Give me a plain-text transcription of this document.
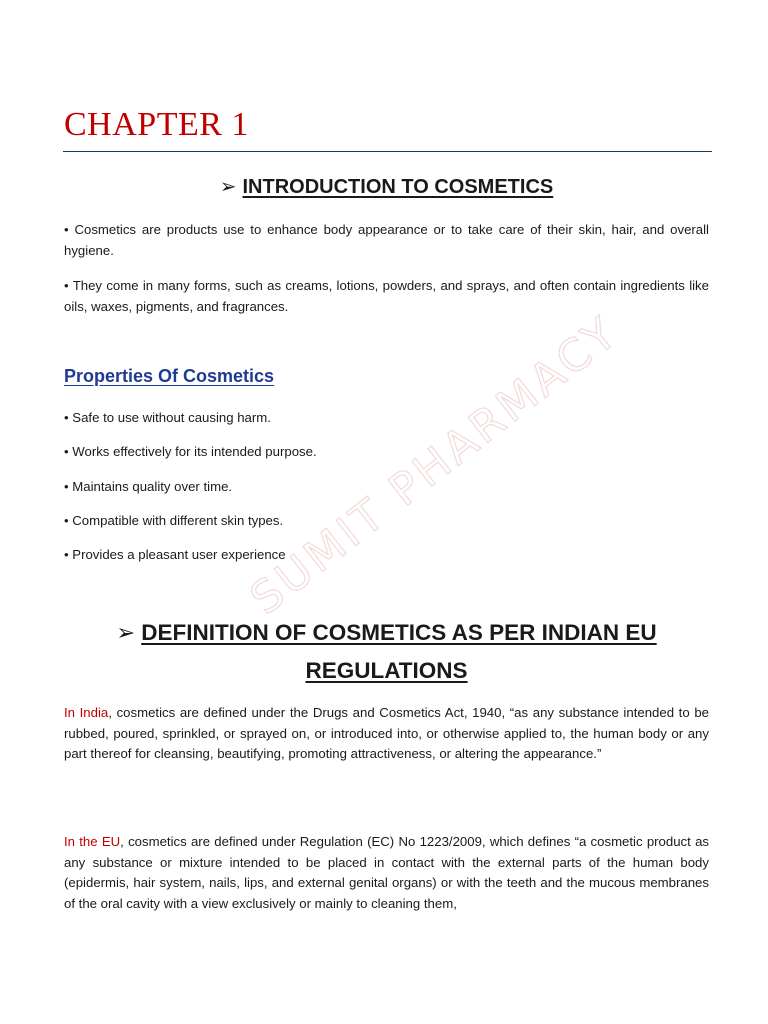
SUMIT PHARMACY
CHAPTER 1
➢ INTRODUCTION TO COSMETICS

• Cosmetics are products use to enhance body appearance or to take care of their skin, hair, and overall hygiene.

• They come in many forms, such as creams, lotions, powders, and sprays, and often contain ingredients like oils, waxes, pigments, and fragrances.

Properties Of Cosmetics

• Safe to use without causing harm.

• Works effectively for its intended purpose.

• Maintains quality over time.

• Compatible with different skin types.

• Provides a pleasant user experience

➢ DEFINITION OF COSMETICS AS PER INDIAN EU REGULATIONS

In India, cosmetics are defined under the Drugs and Cosmetics Act, 1940, “as any substance intended to be rubbed, poured, sprinkled, or sprayed on, or introduced into, or otherwise applied to, the human body or any part thereof for cleansing, beautifying, promoting attractiveness, or altering the appearance.”

In the EU, cosmetics are defined under Regulation (EC) No 1223/2009, which defines “a cosmetic product as any substance or mixture intended to be placed in contact with the external parts of the human body (epidermis, hair system, nails, lips, and external genital organs) or with the teeth and the mucous membranes of the oral cavity with a view exclusively or mainly to cleaning them,
